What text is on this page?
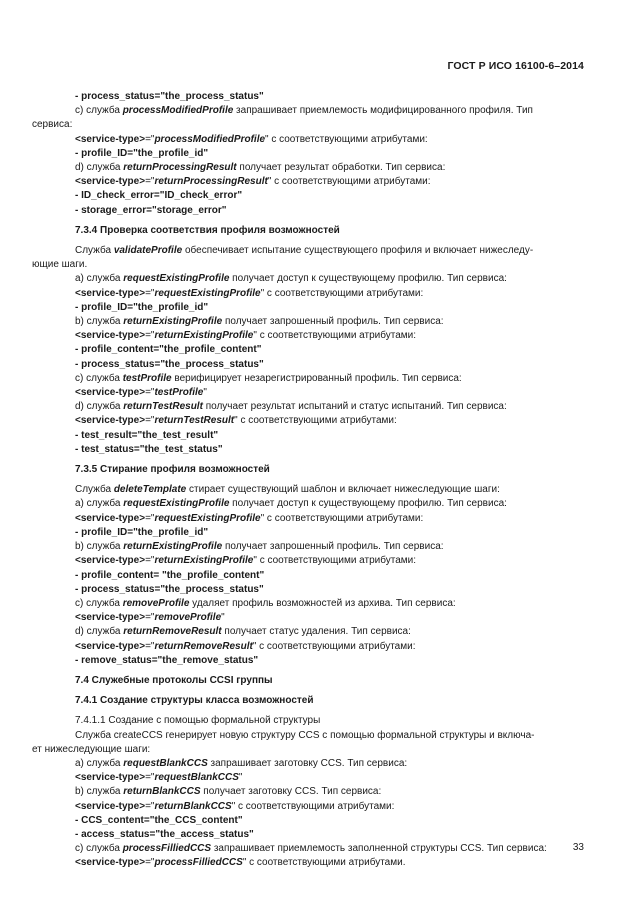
ГОСТ Р ИСО 16100-6–2014
- process_status="the_process_status"
c) служба processModifiedProfile запрашивает приемлемость модифицированного профиля. Тип
сервиса:
<service-type>="processModifiedProfile" с соответствующими атрибутами:
- profile_ID="the_profile_id"
d) служба returnProcessingResult получает результат обработки. Тип сервиса:
<service-type>="returnProcessingResult" с соответствующими атрибутами:
- ID_check_error="ID_check_error"
- storage_error="storage_error"
7.3.4 Проверка соответствия профиля возможностей
Служба validateProfile обеспечивает испытание существующего профиля и включает нижеследу-
ющие шаги.
a) служба requestExistingProfile получает доступ к существующему профилю. Тип сервиса:
<service-type>="requestExistingProfile" с соответствующими атрибутами:
- profile_ID="the_profile_id"
b) служба returnExistingProfile получает запрошенный профиль. Тип сервиса:
<service-type>="returnExistingProfile" с соответствующими атрибутами:
- profile_content="the_profile_content"
- process_status="the_process_status"
c) служба testProfile верифицирует незарегистрированный профиль. Тип сервиса:
<service-type>="testProfile"
d) служба returnTestResult получает результат испытаний и статус испытаний. Тип сервиса:
<service-type>="returnTestResult" с соответствующими атрибутами:
- test_result="the_test_result"
- test_status="the_test_status"
7.3.5 Стирание профиля возможностей
Служба deleteTemplate стирает существующий шаблон и включает нижеследующие шаги:
a) служба requestExistingProfile получает доступ к существующему профилю. Тип сервиса:
<service-type>="requestExistingProfile" с соответствующими атрибутами:
- profile_ID="the_profile_id"
b) служба returnExistingProfile получает запрошенный профиль. Тип сервиса:
<service-type>="returnExistingProfile" с соответствующими атрибутами:
- profile_content= "the_profile_content"
- process_status="the_process_status"
c) служба removeProfile удаляет профиль возможностей из архива. Тип сервиса:
<service-type>="removeProfile"
d) служба returnRemoveResult получает статус удаления. Тип сервиса:
<service-type>="returnRemoveResult" с соответствующими атрибутами:
- remove_status="the_remove_status"
7.4 Служебные протоколы CCSI группы
7.4.1 Создание структуры класса возможностей
7.4.1.1 Создание с помощью формальной структуры
Служба createCCS генерирует новую структуру CCS с помощью формальной структуры и включа-
ет нижеследующие шаги:
a) служба requestBlankCCS запрашивает заготовку CCS. Тип сервиса:
<service-type>="requestBlankCCS"
b) служба returnBlankCCS получает заготовку CCS. Тип сервиса:
<service-type>="returnBlankCCS" с соответствующими атрибутами:
- CCS_content="the_CCS_content"
- access_status="the_access_status"
c) служба processFilliedCCS запрашивает приемлемость заполненной структуры CCS. Тип сервиса:
<service-type>="processFilliedCCS" с соответствующими атрибутами.
33
